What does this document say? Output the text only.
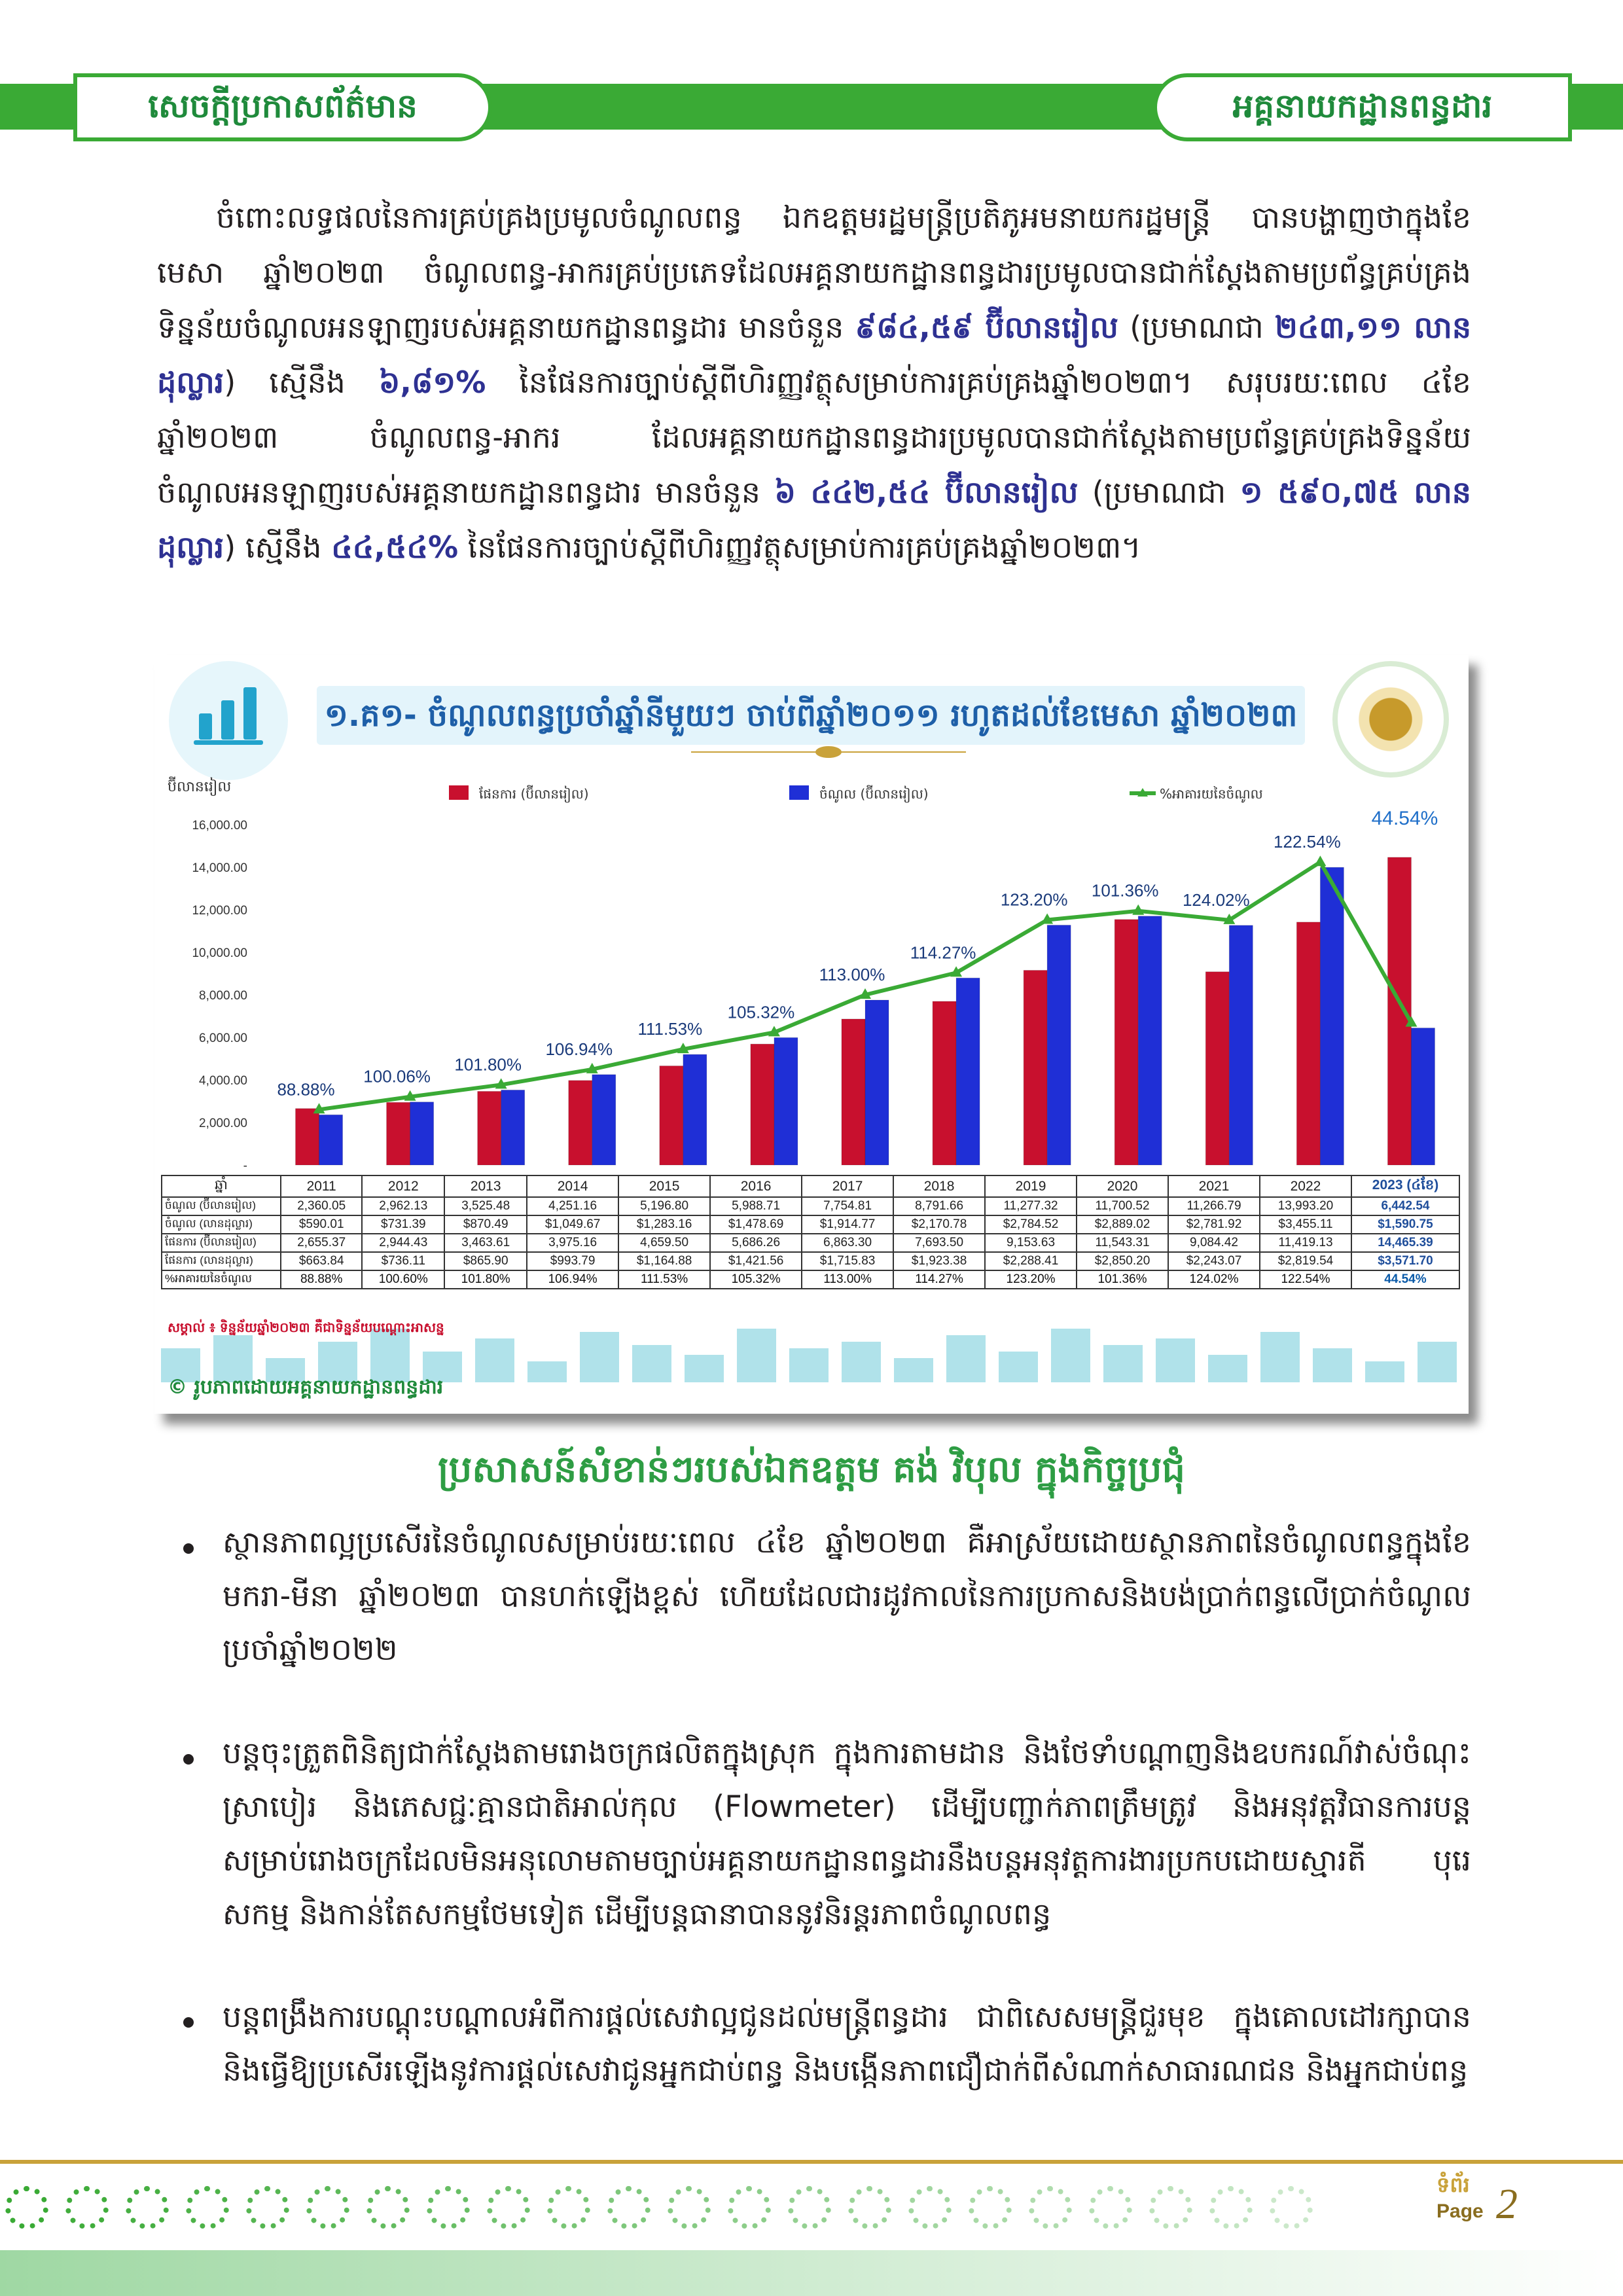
សេចក្តីប្រកាសព័ត៌មាន	អគ្គនាយកដ្ឋានពន្ធដារ

ចំពោះលទ្ធផលនៃការគ្រប់គ្រងប្រមូលចំណូលពន្ធ ឯកឧត្តមរដ្ឋមន្ត្រីប្រតិភូអមនាយករដ្ឋមន្ត្រី បានបង្ហាញថាក្នុងខែមេសា ឆ្នាំ២០២៣ ចំណូលពន្ធ-អាករគ្រប់ប្រភេទដែលអគ្គនាយកដ្ឋានពន្ធដារប្រមូលបានជាក់ស្តែងតាមប្រព័ន្ធគ្រប់គ្រងទិន្នន័យចំណូលអនឡាញរបស់អគ្គនាយកដ្ឋានពន្ធដារ មានចំនួន ៩៨៤,៥៩ ប៊ីលានរៀល (ប្រមាណជា ២៤៣,១១ លានដុល្លារ) ស្មើនឹង ៦,៨១% នៃផែនការច្បាប់ស្តីពីហិរញ្ញវត្ថុសម្រាប់ការគ្រប់គ្រងឆ្នាំ២០២៣។ សរុបរយៈពេល ៤ខែ ឆ្នាំ២០២៣ ចំណូលពន្ធ-អាករ ដែលអគ្គនាយកដ្ឋានពន្ធដារប្រមូលបានជាក់ស្តែងតាមប្រព័ន្ធគ្រប់គ្រងទិន្នន័យចំណូលអនឡាញរបស់អគ្គនាយកដ្ឋានពន្ធដារ មានចំនួន ៦ ៤៤២,៥៤ ប៊ីលានរៀល (ប្រមាណជា ១ ៥៩០,៧៥ លានដុល្លារ) ស្មើនឹង ៤៤,៥៤% នៃផែនការច្បាប់ស្តីពីហិរញ្ញវត្ថុសម្រាប់ការគ្រប់គ្រងឆ្នាំ២០២៣។

១.គ១- ចំណូលពន្ធប្រចាំឆ្នាំនីមួយៗ ចាប់ពីឆ្នាំ២០១១ រហូតដល់ខែមេសា ឆ្នាំ២០២៣
ប៊ីលានរៀល
16,000.00
14,000.00
12,000.00
10,000.00
8,000.00
6,000.00
4,000.00
2,000.00
-
ផែនការ (ប៊ីលានរៀល)	ចំណូល (ប៊ីលានរៀល)	%អាគារយនៃចំណូល
88.88%
100.06%
101.80%
106.94%
111.53%
105.32%
113.00%
114.27%
123.20% 101.36% 124.02%
122.54%
44.54%
ឆ្នាំ	2011	2012	2013	2014	2015	2016	2017	2018	2019	2020	2021	2022	2023 (៤ខែ)
ចំណូល (ប៊ីលានរៀល)	2,360.05	2,962.13	3,525.48	4,251.16	5,196.80	5,988.71	7,754.81	8,791.66	11,277.32	11,700.52	11,266.79	13,993.20	6,442.54
ចំណូល (លានដុល្លារ)	$590.01	$731.39	$870.49	$1,049.67	$1,283.16	$1,478.69	$1,914.77	$2,170.78	$2,784.52	$2,889.02	$2,781.92	$3,455.11	$1,590.75
ផែនការ (ប៊ីលានរៀល)	2,655.37	2,944.43	3,463.61	3,975.16	4,659.50	5,686.26	6,863.30	7,693.50	9,153.63	11,543.31	9,084.42	11,419.13	14,465.39
ផែនការ (លានដុល្លារ)	$663.84	$736.11	$865.90	$993.79	$1,164.88	$1,421.56	$1,715.83	$1,923.38	$2,288.41	$2,850.20	$2,243.07	$2,819.54	$3,571.70
%អាគារយនៃចំណូល	88.88%	100.60%	101.80%	106.94%	111.53%	105.32%	113.00%	114.27%	123.20%	101.36%	124.02%	122.54%	44.54%
សម្គាល់ ៖ ទិន្នន័យឆ្នាំ២០២៣ គឺជាទិន្នន័យបណ្ដោះអាសន្ន
© រូបភាពដោយអគ្គនាយកដ្ឋានពន្ធដារ
ប្រសាសន៍សំខាន់ៗរបស់ឯកឧត្តម គង់ វិបុល ក្នុងកិច្ចប្រជុំ

ស្ថានភាពល្អប្រសើរនៃចំណូលសម្រាប់រយៈពេល ៤ខែ ឆ្នាំ២០២៣ គឺអាស្រ័យដោយស្ថានភាពនៃចំណូលពន្ធក្នុងខែមករា-មីនា ឆ្នាំ២០២៣ បានហក់ឡើងខ្ពស់ ហើយដែលជារដូវកាលនៃការប្រកាសនិងបង់ប្រាក់ពន្ធលើប្រាក់ចំណូល ប្រចាំឆ្នាំ២០២២

បន្តចុះត្រួតពិនិត្យជាក់ស្តែងតាមរោងចក្រផលិតក្នុងស្រុក ក្នុងការតាមដាន និងថែទាំបណ្តាញនិងឧបករណ៍វាស់ចំណុះស្រាបៀរ និងភេសជ្ជៈគ្មានជាតិអាល់កុល (Flowmeter) ដើម្បីបញ្ជាក់ភាពត្រឹមត្រូវ និងអនុវត្តវិធានការបន្តសម្រាប់រោងចក្រដែលមិនអនុលោមតាមច្បាប់អគ្គនាយកដ្ឋានពន្ធដារនឹងបន្តអនុវត្តការងារប្រកបដោយស្មារតី បុរេសកម្ម និងកាន់តែសកម្មថែមទៀត ដើម្បីបន្តធានាបាននូវនិរន្តរភាពចំណូលពន្ធ

បន្តពង្រឹងការបណ្តុះបណ្តាលអំពីការផ្តល់សេវាល្អជូនដល់មន្ត្រីពន្ធដារ ជាពិសេសមន្ត្រីជួរមុខ ក្នុងគោលដៅរក្សាបាន និងធ្វើឱ្យប្រសើរឡើងនូវការផ្តល់សេវាជូនអ្នកជាប់ពន្ធ និងបង្កើនភាពជឿជាក់ពីសំណាក់សាធារណជន និងអ្នកជាប់ពន្ធ

ទំព័រ
Page 2
